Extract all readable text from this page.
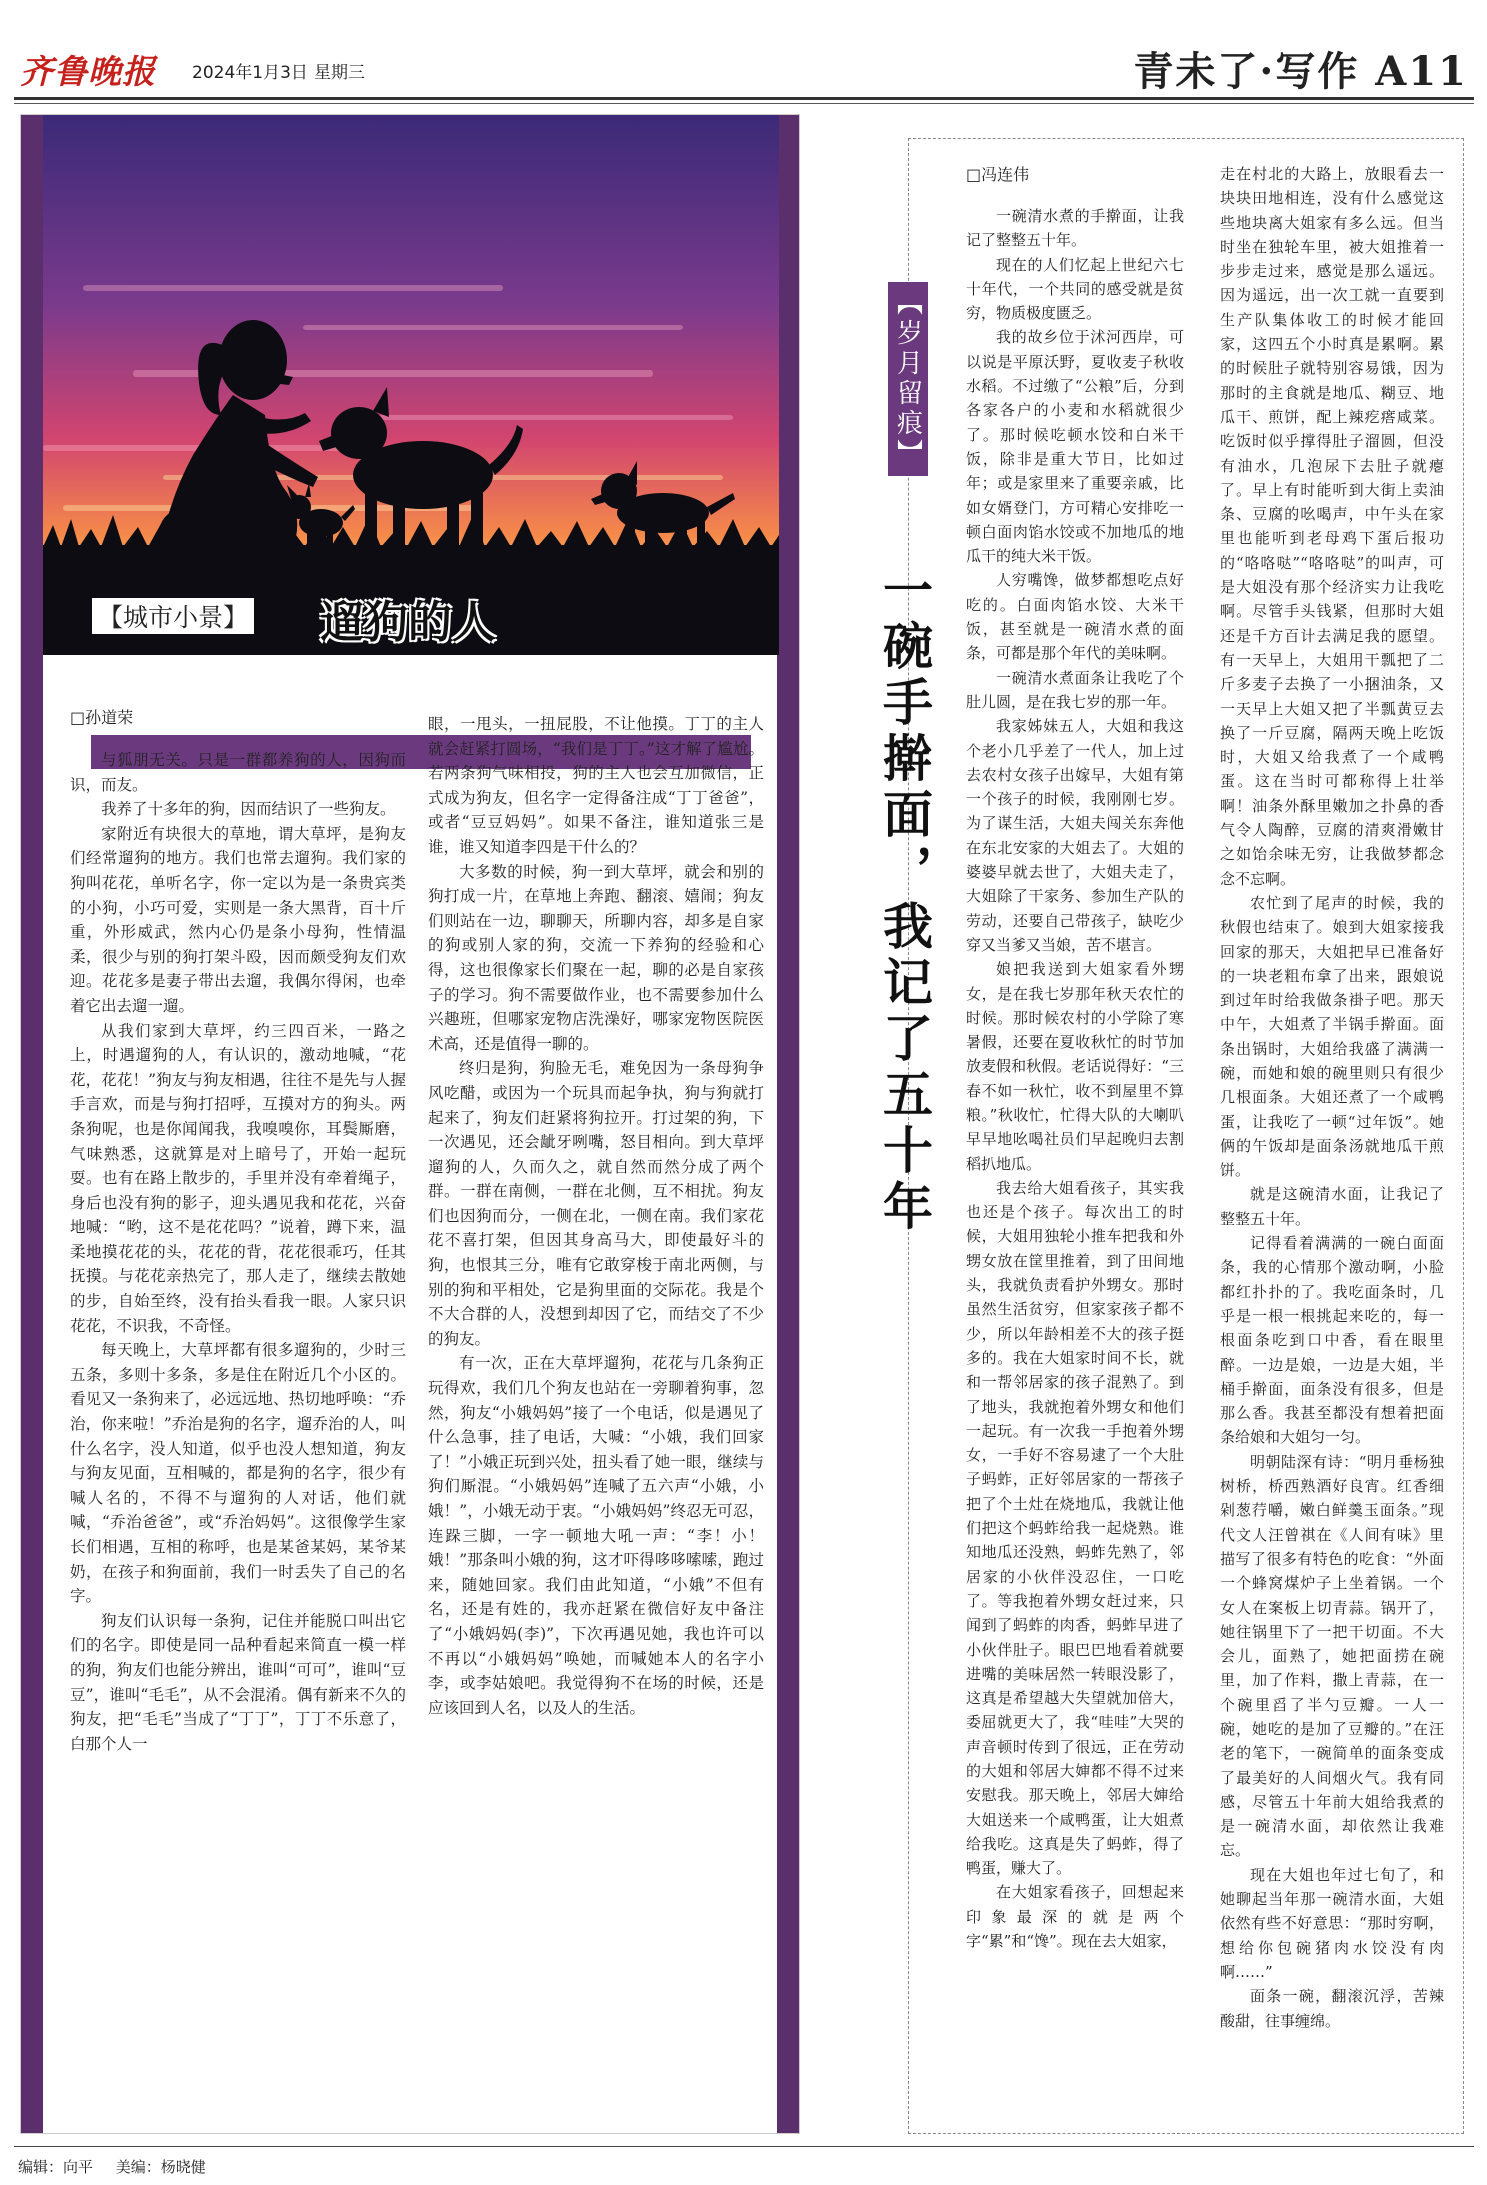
齐鲁晚报 2024年1月3日 星期三	青未了·写作 A11
【城市小景】 遛狗的人
□孙道荣

与狐朋无关。只是一群都养狗的人，因狗而识，而友。

我养了十多年的狗，因而结识了一些狗友。

家附近有块很大的草地，谓大草坪，是狗友们经常遛狗的地方。我们也常去遛狗。我们家的狗叫花花，单听名字，你一定以为是一条贵宾类的小狗，小巧可爱，实则是一条大黑背，百十斤重，外形威武，然内心仍是条小母狗，性情温柔，很少与别的狗打架斗殴，因而颇受狗友们欢迎。花花多是妻子带出去遛，我偶尔得闲，也牵着它出去遛一遛。

从我们家到大草坪，约三四百米，一路之上，时遇遛狗的人，有认识的，激动地喊，“花花，花花！”狗友与狗友相遇，往往不是先与人握手言欢，而是与狗打招呼，互摸对方的狗头。两条狗呢，也是你闻闻我，我嗅嗅你，耳鬓厮磨，气味熟悉，这就算是对上暗号了，开始一起玩耍。也有在路上散步的，手里并没有牵着绳子，身后也没有狗的影子，迎头遇见我和花花，兴奋地喊：“哟，这不是花花吗？”说着，蹲下来，温柔地摸花花的头，花花的背，花花很乖巧，任其抚摸。与花花亲热完了，那人走了，继续去散她的步，自始至终，没有抬头看我一眼。人家只识花花，不识我，不奇怪。

每天晚上，大草坪都有很多遛狗的，少时三五条，多则十多条，多是住在附近几个小区的。看见又一条狗来了，必远远地、热切地呼唤：“乔治，你来啦！”乔治是狗的名字，遛乔治的人，叫什么名字，没人知道，似乎也没人想知道，狗友与狗友见面，互相喊的，都是狗的名字，很少有喊人名的，不得不与遛狗的人对话，他们就喊，“乔治爸爸”，或“乔治妈妈”。这很像学生家长们相遇，互相的称呼，也是某爸某妈，某爷某奶，在孩子和狗面前，我们一时丢失了自己的名字。

狗友们认识每一条狗，记住并能脱口叫出它们的名字。即使是同一品种看起来简直一模一样的狗，狗友们也能分辨出，谁叫“可可”，谁叫“豆豆”，谁叫“毛毛”，从不会混淆。偶有新来不久的狗友，把“毛毛”当成了“丁丁”，丁丁不乐意了，白那个人一

眼，一甩头，一扭屁股，不让他摸。丁丁的主人就会赶紧打圆场，“我们是丁丁。”这才解了尴尬。若两条狗气味相投，狗的主人也会互加微信，正式成为狗友，但名字一定得备注成“丁丁爸爸”，或者“豆豆妈妈”。如果不备注，谁知道张三是谁，谁又知道李四是干什么的？

大多数的时候，狗一到大草坪，就会和别的狗打成一片，在草地上奔跑、翻滚、嬉闹；狗友们则站在一边，聊聊天，所聊内容，却多是自家的狗或别人家的狗，交流一下养狗的经验和心得，这也很像家长们聚在一起，聊的必是自家孩子的学习。狗不需要做作业，也不需要参加什么兴趣班，但哪家宠物店洗澡好，哪家宠物医院医术高，还是值得一聊的。

终归是狗，狗脸无毛，难免因为一条母狗争风吃醋，或因为一个玩具而起争执，狗与狗就打起来了，狗友们赶紧将狗拉开。打过架的狗，下一次遇见，还会龇牙咧嘴，怒目相向。到大草坪遛狗的人，久而久之，就自然而然分成了两个群。一群在南侧，一群在北侧，互不相扰。狗友们也因狗而分，一侧在北，一侧在南。我们家花花不喜打架，但因其身高马大，即使最好斗的狗，也恨其三分，唯有它敢穿梭于南北两侧，与别的狗和平相处，它是狗里面的交际花。我是个不大合群的人，没想到却因了它，而结交了不少的狗友。

有一次，正在大草坪遛狗，花花与几条狗正玩得欢，我们几个狗友也站在一旁聊着狗事，忽然，狗友“小娥妈妈”接了一个电话，似是遇见了什么急事，挂了电话，大喊：“小娥，我们回家了！”小娥正玩到兴处，扭头看了她一眼，继续与狗们厮混。“小娥妈妈”连喊了五六声“小娥，小娥！”，小娥无动于衷。“小娥妈妈”终忍无可忍，连跺三脚，一字一顿地大吼一声：“李！小！娥！”那条叫小娥的狗，这才吓得哆哆嗦嗦，跑过来，随她回家。我们由此知道，“小娥”不但有名，还是有姓的，我亦赶紧在微信好友中备注了“小娥妈妈(李)”，下次再遇见她，我也许可以不再以“小娥妈妈”唤她，而喊她本人的名字小李，或李姑娘吧。我觉得狗不在场的时候，还是应该回到人名，以及人的生活。

【岁月留痕】
一碗手擀面，我记了五十年
□冯连伟

一碗清水煮的手擀面，让我记了整整五十年。

现在的人们忆起上世纪六七十年代，一个共同的感受就是贫穷，物质极度匮乏。

我的故乡位于沭河西岸，可以说是平原沃野，夏收麦子秋收水稻。不过缴了“公粮”后，分到各家各户的小麦和水稻就很少了。那时候吃顿水饺和白米干饭，除非是重大节日，比如过年；或是家里来了重要亲戚，比如女婿登门，方可精心安排吃一顿白面肉馅水饺或不加地瓜的地瓜干的纯大米干饭。

人穷嘴馋，做梦都想吃点好吃的。白面肉馅水饺、大米干饭，甚至就是一碗清水煮的面条，可都是那个年代的美味啊。

一碗清水煮面条让我吃了个肚儿圆，是在我七岁的那一年。

我家姊妹五人，大姐和我这个老小几乎差了一代人，加上过去农村女孩子出嫁早，大姐有第一个孩子的时候，我刚刚七岁。为了谋生活，大姐夫闯关东奔他在东北安家的大姐去了。大姐的婆婆早就去世了，大姐夫走了，大姐除了干家务、参加生产队的劳动，还要自己带孩子，缺吃少穿又当爹又当娘，苦不堪言。

娘把我送到大姐家看外甥女，是在我七岁那年秋天农忙的时候。那时候农村的小学除了寒暑假，还要在夏收秋忙的时节加放麦假和秋假。老话说得好：“三春不如一秋忙，收不到屋里不算粮。”秋收忙，忙得大队的大喇叭早早地吆喝社员们早起晚归去割稻扒地瓜。

我去给大姐看孩子，其实我也还是个孩子。每次出工的时候，大姐用独轮小推车把我和外甥女放在筐里推着，到了田间地头，我就负责看护外甥女。那时虽然生活贫穷，但家家孩子都不少，所以年龄相差不大的孩子挺多的。我在大姐家时间不长，就和一帮邻居家的孩子混熟了。到了地头，我就抱着外甥女和他们一起玩。有一次我一手抱着外甥女，一手好不容易逮了一个大肚子蚂蚱，正好邻居家的一帮孩子把了个土灶在烧地瓜，我就让他们把这个蚂蚱给我一起烧熟。谁知地瓜还没熟，蚂蚱先熟了，邻居家的小伙伴没忍住，一口吃了。等我抱着外甥女赶过来，只闻到了蚂蚱的肉香，蚂蚱早进了小伙伴肚子。眼巴巴地看着就要进嘴的美味居然一转眼没影了，这真是希望越大失望就加倍大，委屈就更大了，我“哇哇”大哭的声音顿时传到了很远，正在劳动的大姐和邻居大婶都不得不过来安慰我。那天晚上，邻居大婶给大姐送来一个咸鸭蛋，让大姐煮给我吃。这真是失了蚂蚱，得了鸭蛋，赚大了。

在大姐家看孩子，回想起来印象最深的就是两个字“累”和“馋”。现在去大姐家，

走在村北的大路上，放眼看去一块块田地相连，没有什么感觉这些地块离大姐家有多么远。但当时坐在独轮车里，被大姐推着一步步走过来，感觉是那么遥远。因为遥远，出一次工就一直要到生产队集体收工的时候才能回家，这四五个小时真是累啊。累的时候肚子就特别容易饿，因为那时的主食就是地瓜、糊豆、地瓜干、煎饼，配上辣疙瘩咸菜。吃饭时似乎撑得肚子溜圆，但没有油水，几泡尿下去肚子就瘪了。早上有时能听到大街上卖油条、豆腐的吆喝声，中午头在家里也能听到老母鸡下蛋后报功的“咯咯哒”“咯咯哒”的叫声，可是大姐没有那个经济实力让我吃啊。尽管手头钱紧，但那时大姐还是千方百计去满足我的愿望。有一天早上，大姐用干瓢把了二斤多麦子去换了一小捆油条，又一天早上大姐又把了半瓢黄豆去换了一斤豆腐，隔两天晚上吃饭时，大姐又给我煮了一个咸鸭蛋。这在当时可都称得上壮举啊！油条外酥里嫩加之扑鼻的香气令人陶醉，豆腐的清爽滑嫩甘之如饴余味无穷，让我做梦都念念不忘啊。

农忙到了尾声的时候，我的秋假也结束了。娘到大姐家接我回家的那天，大姐把早已准备好的一块老粗布拿了出来，跟娘说到过年时给我做条褂子吧。那天中午，大姐煮了半锅手擀面。面条出锅时，大姐给我盛了满满一碗，而她和娘的碗里则只有很少几根面条。大姐还煮了一个咸鸭蛋，让我吃了一顿“过年饭”。她俩的午饭却是面条汤就地瓜干煎饼。

就是这碗清水面，让我记了整整五十年。

记得看着满满的一碗白面面条，我的心情那个激动啊，小脸都红扑扑的了。我吃面条时，几乎是一根一根挑起来吃的，每一根面条吃到口中香，看在眼里醉。一边是娘，一边是大姐，半桶手擀面，面条没有很多，但是那么香。我甚至都没有想着把面条给娘和大姐匀一匀。

明朝陆深有诗：“明月垂杨独树桥，桥西熟酒好良宵。红香细剁葱荇嚼，嫩白鲜羹玉面条。”现代文人汪曾祺在《人间有味》里描写了很多有特色的吃食：“外面一个蜂窝煤炉子上坐着锅。一个女人在案板上切青蒜。锅开了，她往锅里下了一把干切面。不大会儿，面熟了，她把面捞在碗里，加了作料，撒上青蒜，在一个碗里舀了半勺豆瓣。一人一碗，她吃的是加了豆瓣的。”在汪老的笔下，一碗简单的面条变成了最美好的人间烟火气。我有同感，尽管五十年前大姐给我煮的是一碗清水面，却依然让我难忘。

现在大姐也年过七旬了，和她聊起当年那一碗清水面，大姐依然有些不好意思：“那时穷啊，想给你包碗猪肉水饺没有肉啊……”

面条一碗，翻滚沉浮，苦辣酸甜，往事缠绵。

编辑：向平 美编：杨晓健
